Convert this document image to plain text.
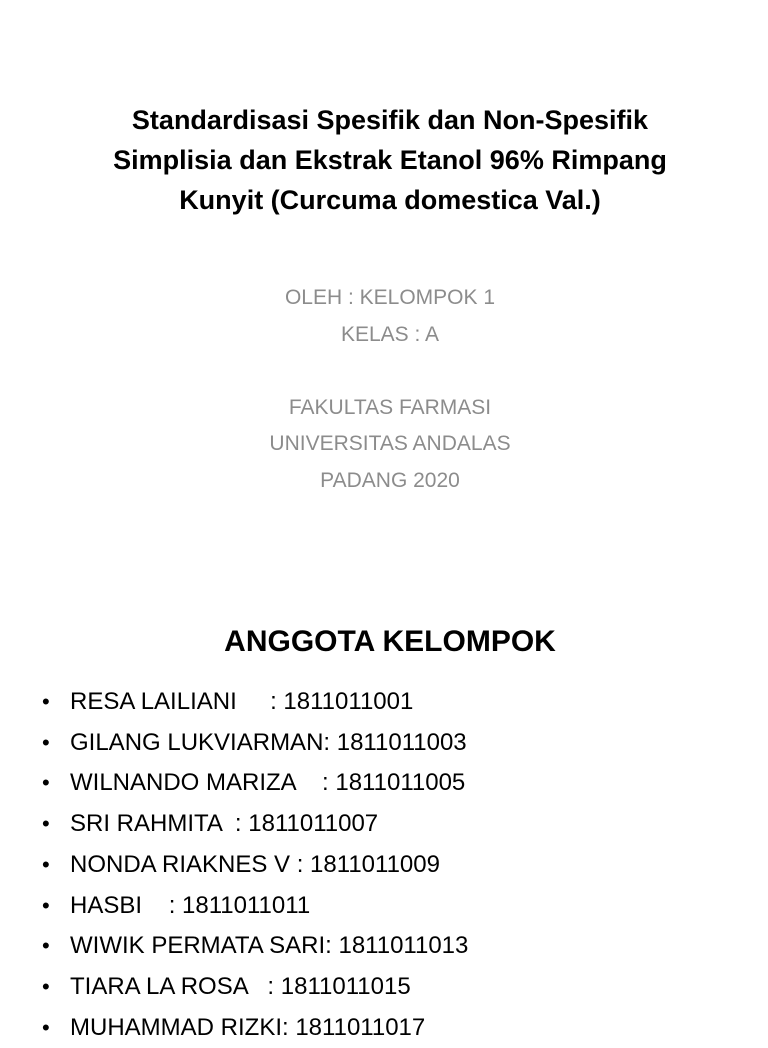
Standardisasi Spesifik dan Non-Spesifik
Simplisia dan Ekstrak Etanol 96% Rimpang
Kunyit (Curcuma domestica Val.)
OLEH : KELOMPOK 1
KELAS : A
FAKULTAS FARMASI
UNIVERSITAS ANDALAS
PADANG 2020
ANGGOTA KELOMPOK
• RESA LAILIANI     : 1811011001
• GILANG LUKVIARMAN: 1811011003
• WILNANDO MARIZA    : 1811011005
• SRI RAHMITA  : 1811011007
• NONDA RIAKNES V : 1811011009
• HASBI    : 1811011011
• WIWIK PERMATA SARI: 1811011013
• TIARA LA ROSA   : 1811011015
• MUHAMMAD RIZKI: 1811011017
